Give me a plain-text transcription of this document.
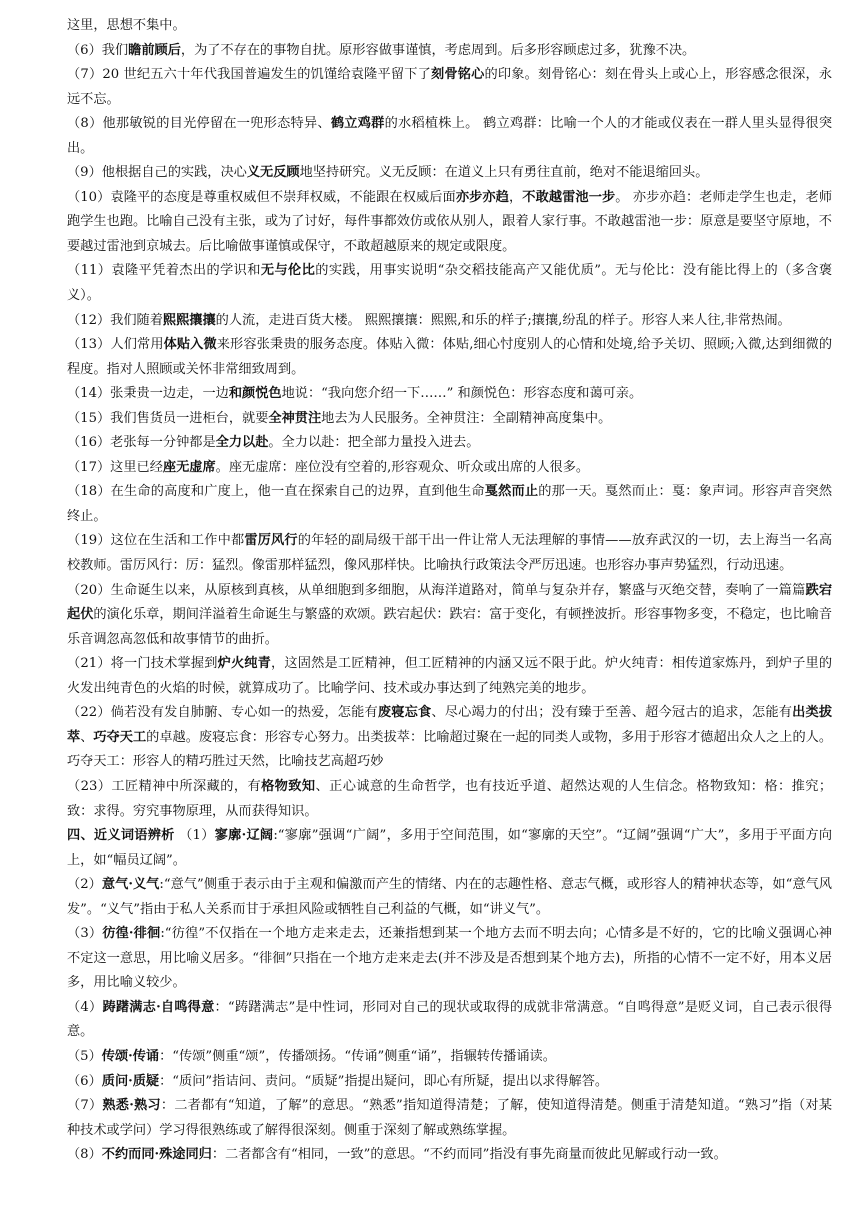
这里，思想不集中。

（6）我们瞻前顾后，为了不存在的事物自扰。原形容做事谨慎，考虑周到。后多形容顾虑过多，犹豫不决。

（7）20 世纪五六十年代我国普遍发生的饥馑给袁隆平留下了刻骨铭心的印象。刻骨铭心：刻在骨头上或心上，形容感念很深，永远不忘。

（8）他那敏锐的目光停留在一兜形态特异、鹤立鸡群的水稻植株上。 鹤立鸡群：比喻一个人的才能或仪表在一群人里头显得很突出。

（9）他根据自己的实践，决心义无反顾地坚持研究。义无反顾：在道义上只有勇往直前，绝对不能退缩回头。

（10）袁隆平的态度是尊重权威但不崇拜权威，不能跟在权威后面亦步亦趋，不敢越雷池一步。 亦步亦趋：老师走学生也走，老师跑学生也跑。比喻自己没有主张，或为了讨好，每件事都效仿或依从别人，跟着人家行事。不敢越雷池一步：原意是要坚守原地，不要越过雷池到京城去。后比喻做事谨慎或保守，不敢超越原来的规定或限度。

（11）袁隆平凭着杰出的学识和无与伦比的实践，用事实说明“杂交稻技能高产又能优质”。无与伦比：没有能比得上的（多含褒义）。

（12）我们随着熙熙攘攘的人流，走进百货大楼。 熙熙攘攘：熙熙,和乐的样子;攘攘,纷乱的样子。形容人来人往,非常热闹。

（13）人们常用体贴入微来形容张秉贵的服务态度。体贴入微：体贴,细心忖度别人的心情和处境,给予关切、照顾;入微,达到细微的程度。指对人照顾或关怀非常细致周到。

（14）张秉贵一边走，一边和颜悦色地说：“我向您介绍一下……” 和颜悦色：形容态度和蔼可亲。

（15）我们售货员一进柜台，就要全神贯注地去为人民服务。全神贯注：全副精神高度集中。

（16）老张每一分钟都是全力以赴。全力以赴：把全部力量投入进去。

（17）这里已经座无虚席。座无虚席：座位没有空着的,形容观众、听众或出席的人很多。

（18）在生命的高度和广度上，他一直在探索自己的边界，直到他生命戛然而止的那一天。戛然而止：戛：象声词。形容声音突然终止。

（19）这位在生活和工作中都雷厉风行的年轻的副局级干部干出一件让常人无法理解的事情——放弃武汉的一切，去上海当一名高校教师。雷厉风行：厉：猛烈。像雷那样猛烈，像风那样快。比喻执行政策法令严厉迅速。也形容办事声势猛烈，行动迅速。

（20）生命诞生以来，从原核到真核，从单细胞到多细胞，从海洋道路对，简单与复杂并存，繁盛与灭绝交替，奏响了一篇篇跌宕起伏的演化乐章，期间洋溢着生命诞生与繁盛的欢颂。跌宕起伏：跌宕：富于变化，有顿挫波折。形容事物多变，不稳定，也比喻音乐音调忽高忽低和故事情节的曲折。

（21）将一门技术掌握到炉火纯青，这固然是工匠精神，但工匠精神的内涵又远不限于此。炉火纯青：相传道家炼丹，到炉子里的火发出纯青色的火焰的时候，就算成功了。比喻学问、技术或办事达到了纯熟完美的地步。

（22）倘若没有发自肺腑、专心如一的热爱，怎能有废寝忘食、尽心竭力的付出；没有臻于至善、超今冠古的追求，怎能有出类拔萃、巧夺天工的卓越。废寝忘食：形容专心努力。出类拔萃：比喻超过聚在一起的同类人或物，多用于形容才德超出众人之上的人。巧夺天工：形容人的精巧胜过天然，比喻技艺高超巧妙

（23）工匠精神中所深藏的，有格物致知、正心诚意的生命哲学，也有技近乎道、超然达观的人生信念。格物致知：格：推究；致：求得。穷究事物原理，从而获得知识。

四、近义词语辨析 （1）寥廓·辽阔:“寥廓”强调“广阔”，多用于空间范围，如“寥廓的天空”。“辽阔”强调“广大”，多用于平面方向上，如“幅员辽阔”。

（2）意气·义气:“意气”侧重于表示由于主观和偏激而产生的情绪、内在的志趣性格、意志气概，或形容人的精神状态等，如“意气风发”。“义气”指由于私人关系而甘于承担风险或牺牲自己利益的气概，如“讲义气”。

（3）彷徨·徘徊:“彷徨”不仅指在一个地方走来走去，还兼指想到某一个地方去而不明去向；心情多是不好的，它的比喻义强调心神不定这一意思，用比喻义居多。“徘徊”只指在一个地方走来走去(并不涉及是否想到某个地方去)，所指的心情不一定不好，用本义居多，用比喻义较少。

（4）踌躇满志·自鸣得意：“踌躇满志”是中性词，形同对自己的现状或取得的成就非常满意。“自鸣得意”是贬义词，自己表示很得意。

（5）传颂·传诵：“传颂”侧重“颂”，传播颂扬。“传诵”侧重“诵”，指辗转传播诵读。

（6）质问·质疑：“质问”指诘问、责问。“质疑”指提出疑问，即心有所疑，提出以求得解答。

（7）熟悉·熟习：二者都有“知道，了解”的意思。“熟悉”指知道得清楚；了解，使知道得清楚。侧重于清楚知道。“熟习”指（对某种技术或学问）学习得很熟练或了解得很深刻。侧重于深刻了解或熟练掌握。

（8）不约而同·殊途同归：二者都含有“相同，一致”的意思。“不约而同”指没有事先商量而彼此见解或行动一致。
